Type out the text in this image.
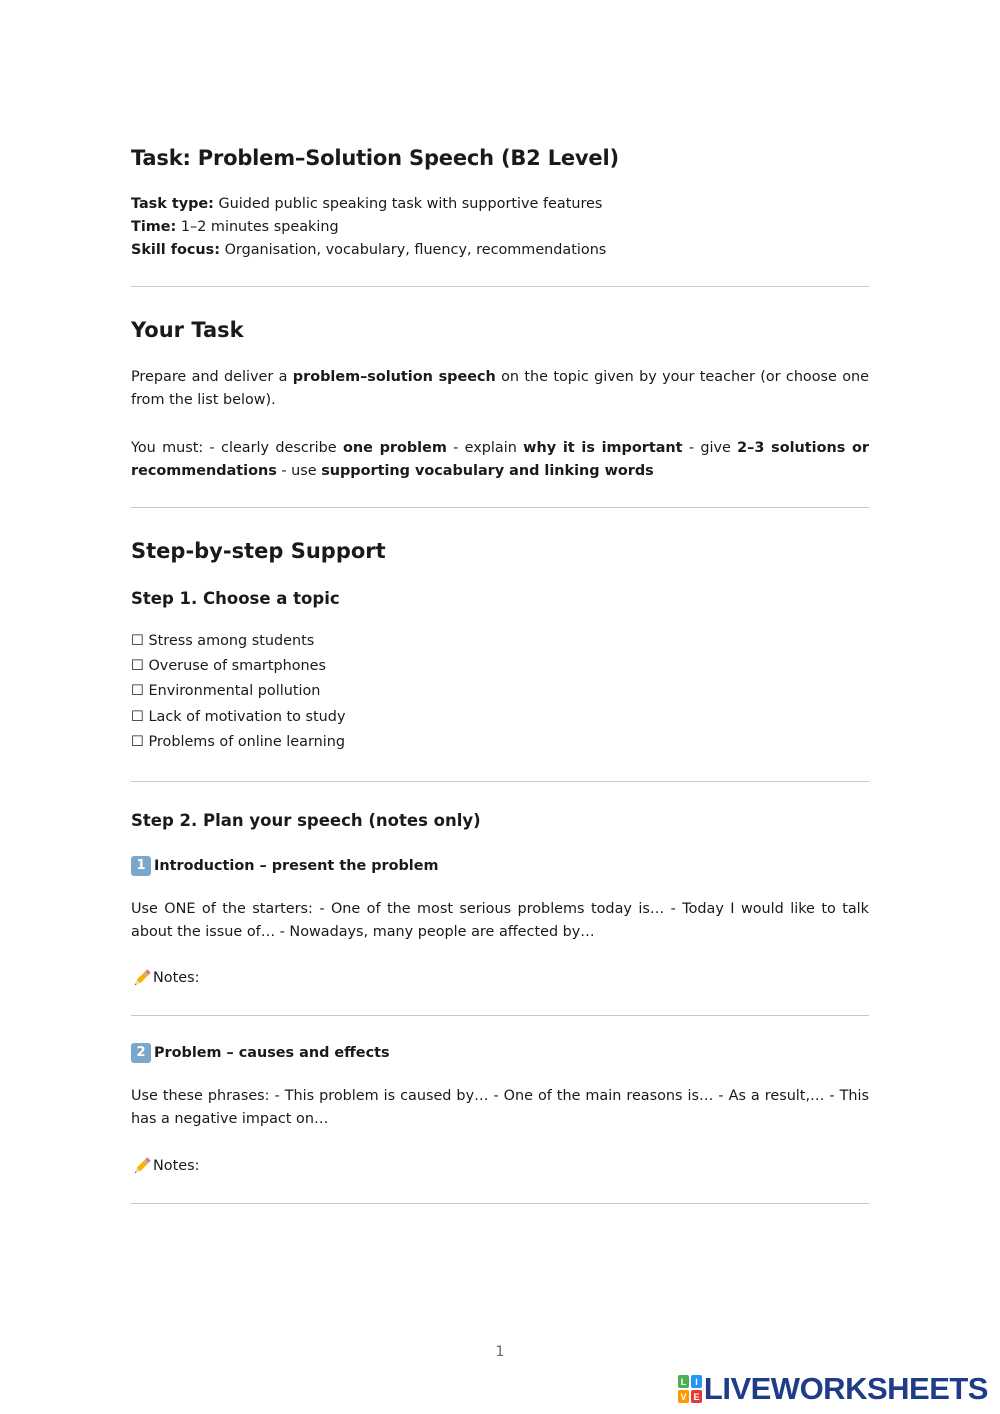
Task: Problem–Solution Speech (B2 Level)
Task type: Guided public speaking task with supportive features
Time: 1–2 minutes speaking
Skill focus: Organisation, vocabulary, fluency, recommendations
Your Task

Prepare and deliver a problem–solution speech on the topic given by your teacher (or choose one from the list below).

You must: - clearly describe one problem - explain why it is important - give 2–3 solutions or recommendations - use supporting vocabulary and linking words

Step-by-step Support
Step 1. Choose a topic
☐ Stress among students
☐ Overuse of smartphones
☐ Environmental pollution
☐ Lack of motivation to study
☐ Problems of online learning
Step 2. Plan your speech (notes only)
1 Introduction – present the problem

Use ONE of the starters: - One of the most serious problems today is… - Today I would like to talk about the issue of… - Nowadays, many people are affected by…

Notes:
2 Problem – causes and effects

Use these phrases: - This problem is caused by… - One of the main reasons is… - As a result,… - This has a negative impact on…

Notes:
1
L I
V E LIVEWORKSHEETS
